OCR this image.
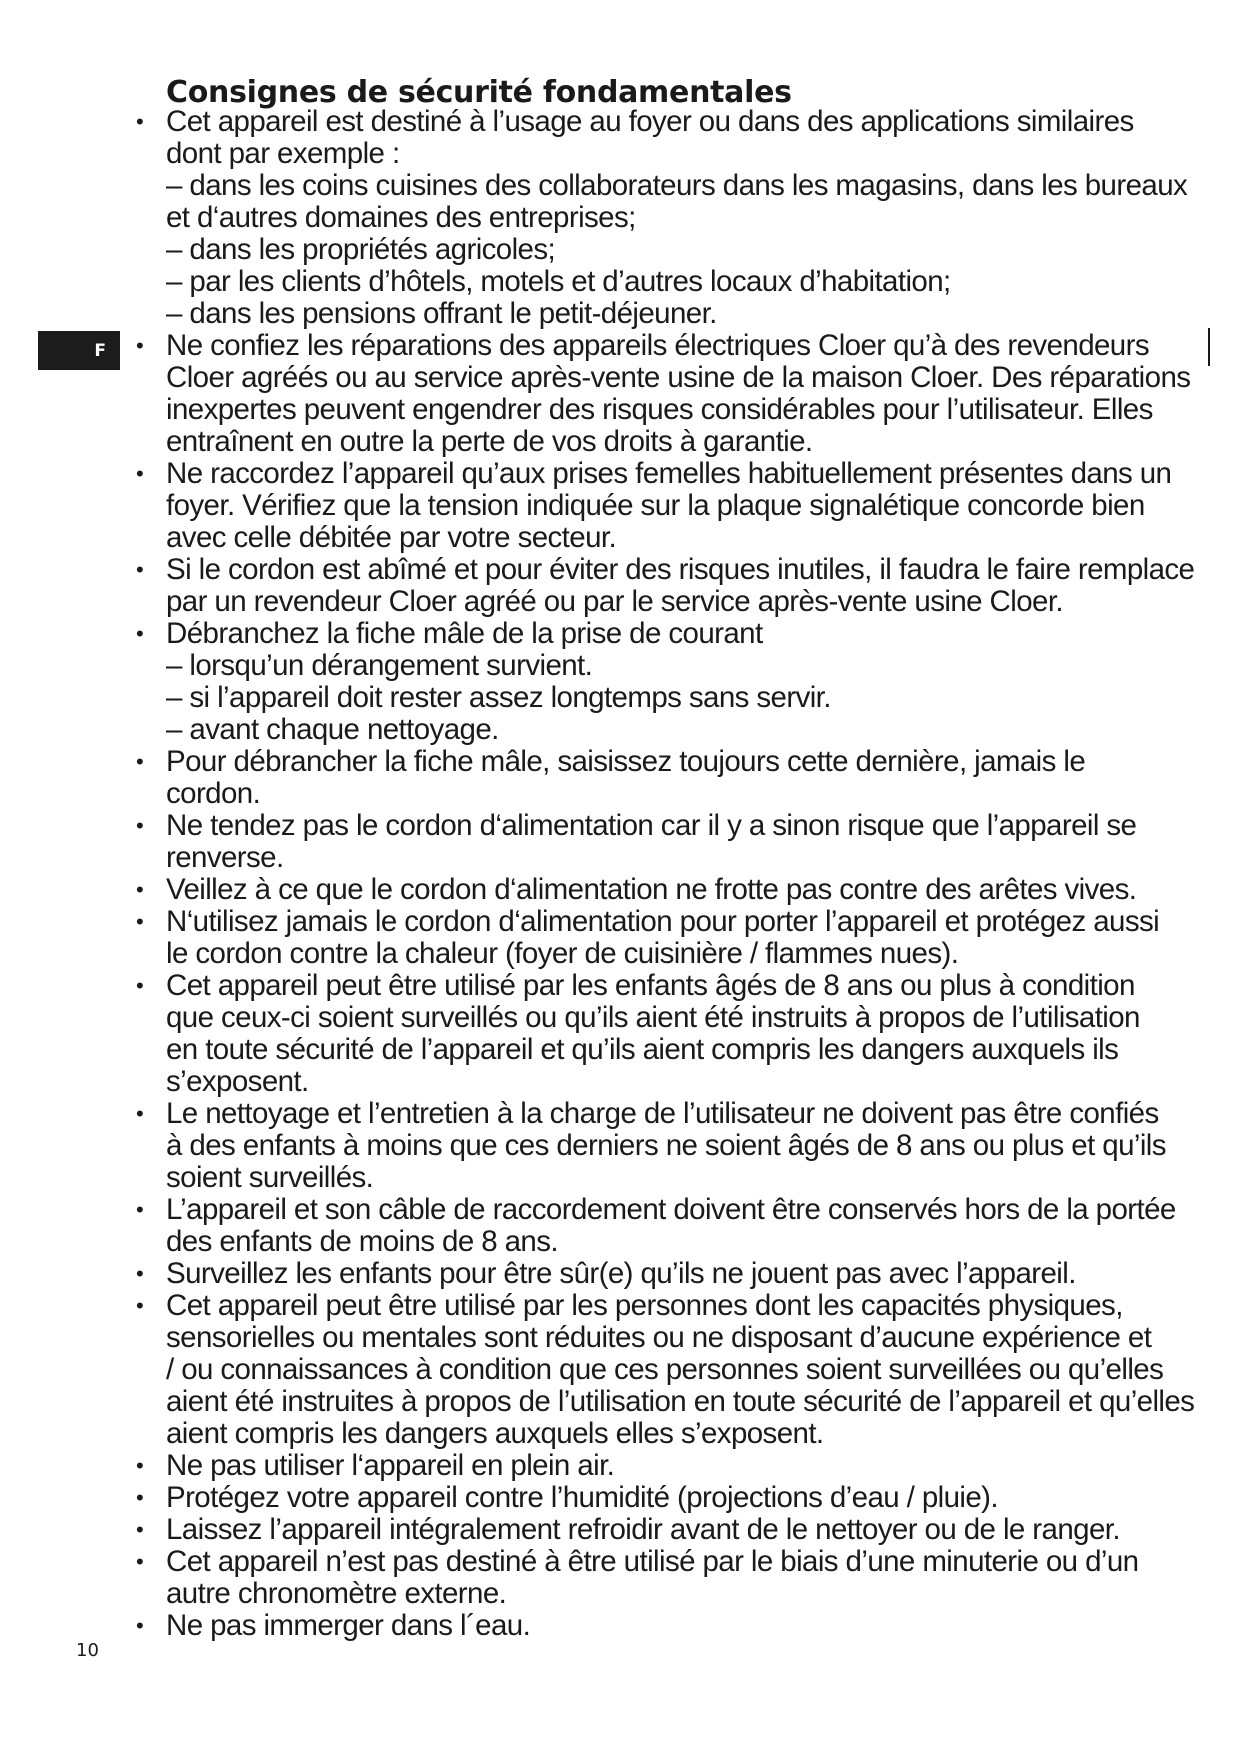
F
10
Consignes de sécurité fondamentales
• Cet appareil est destiné à l’usage au foyer ou dans des applications similaires
dont par exemple :
– dans les coins cuisines des collaborateurs dans les magasins, dans les bureaux
et d‘autres domaines des entreprises;
– dans les propriétés agricoles;
– par les clients d’hôtels, motels et d’autres locaux d’habitation;
– dans les pensions offrant le petit-déjeuner.
• Ne confiez les réparations des appareils électriques Cloer qu’à des revendeurs
Cloer agréés ou au service après-vente usine de la maison Cloer. Des réparations
inexpertes peuvent engendrer des risques considérables pour l’utilisateur. Elles
entraînent en outre la perte de vos droits à garantie.
• Ne raccordez l’appareil qu’aux prises femelles habituellement présentes dans un
foyer. Vérifiez que la tension indiquée sur la plaque signalétique concorde bien
avec celle débitée par votre secteur.
• Si le cordon est abîmé et pour éviter des risques inutiles, il faudra le faire remplace
par un revendeur Cloer agréé ou par le service après-vente usine Cloer.
• Débranchez la fiche mâle de la prise de courant
– lorsqu’un dérangement survient.
– si l’appareil doit rester assez longtemps sans servir.
– avant chaque nettoyage.
• Pour débrancher la fiche mâle, saisissez toujours cette dernière, jamais le
cordon.
• Ne tendez pas le cordon d‘alimentation car il y a sinon risque que l’appareil se
renverse.
• Veillez à ce que le cordon d‘alimentation ne frotte pas contre des arêtes vives.
• N‘utilisez jamais le cordon d‘alimentation pour porter l’appareil et protégez aussi
le cordon contre la chaleur (foyer de cuisinière / flammes nues).
• Cet appareil peut être utilisé par les enfants âgés de 8 ans ou plus à condition
que ceux-ci soient surveillés ou qu’ils aient été instruits à propos de l’utilisation
en toute sécurité de l’appareil et qu’ils aient compris les dangers auxquels ils
s’exposent.
• Le nettoyage et l’entretien à la charge de l’utilisateur ne doivent pas être confiés
à des enfants à moins que ces derniers ne soient âgés de 8 ans ou plus et qu’ils
soient surveillés.
• L’appareil et son câble de raccordement doivent être conservés hors de la portée
des enfants de moins de 8 ans.
• Surveillez les enfants pour être sûr(e) qu’ils ne jouent pas avec l’appareil.
• Cet appareil peut être utilisé par les personnes dont les capacités physiques,
sensorielles ou mentales sont réduites ou ne disposant d’aucune expérience et
/ ou connaissances à condition que ces personnes soient surveillées ou qu’elles
aient été instruites à propos de l’utilisation en toute sécurité de l’appareil et qu’elles
aient compris les dangers auxquels elles s’exposent.
• Ne pas utiliser l‘appareil en plein air.
• Protégez votre appareil contre l’humidité (projections d’eau / pluie).
• Laissez l’appareil intégralement refroidir avant de le nettoyer ou de le ranger.
• Cet appareil n’est pas destiné à être utilisé par le biais d’une minuterie ou d’un
autre chronomètre externe.
• Ne pas immerger dans l´eau.
